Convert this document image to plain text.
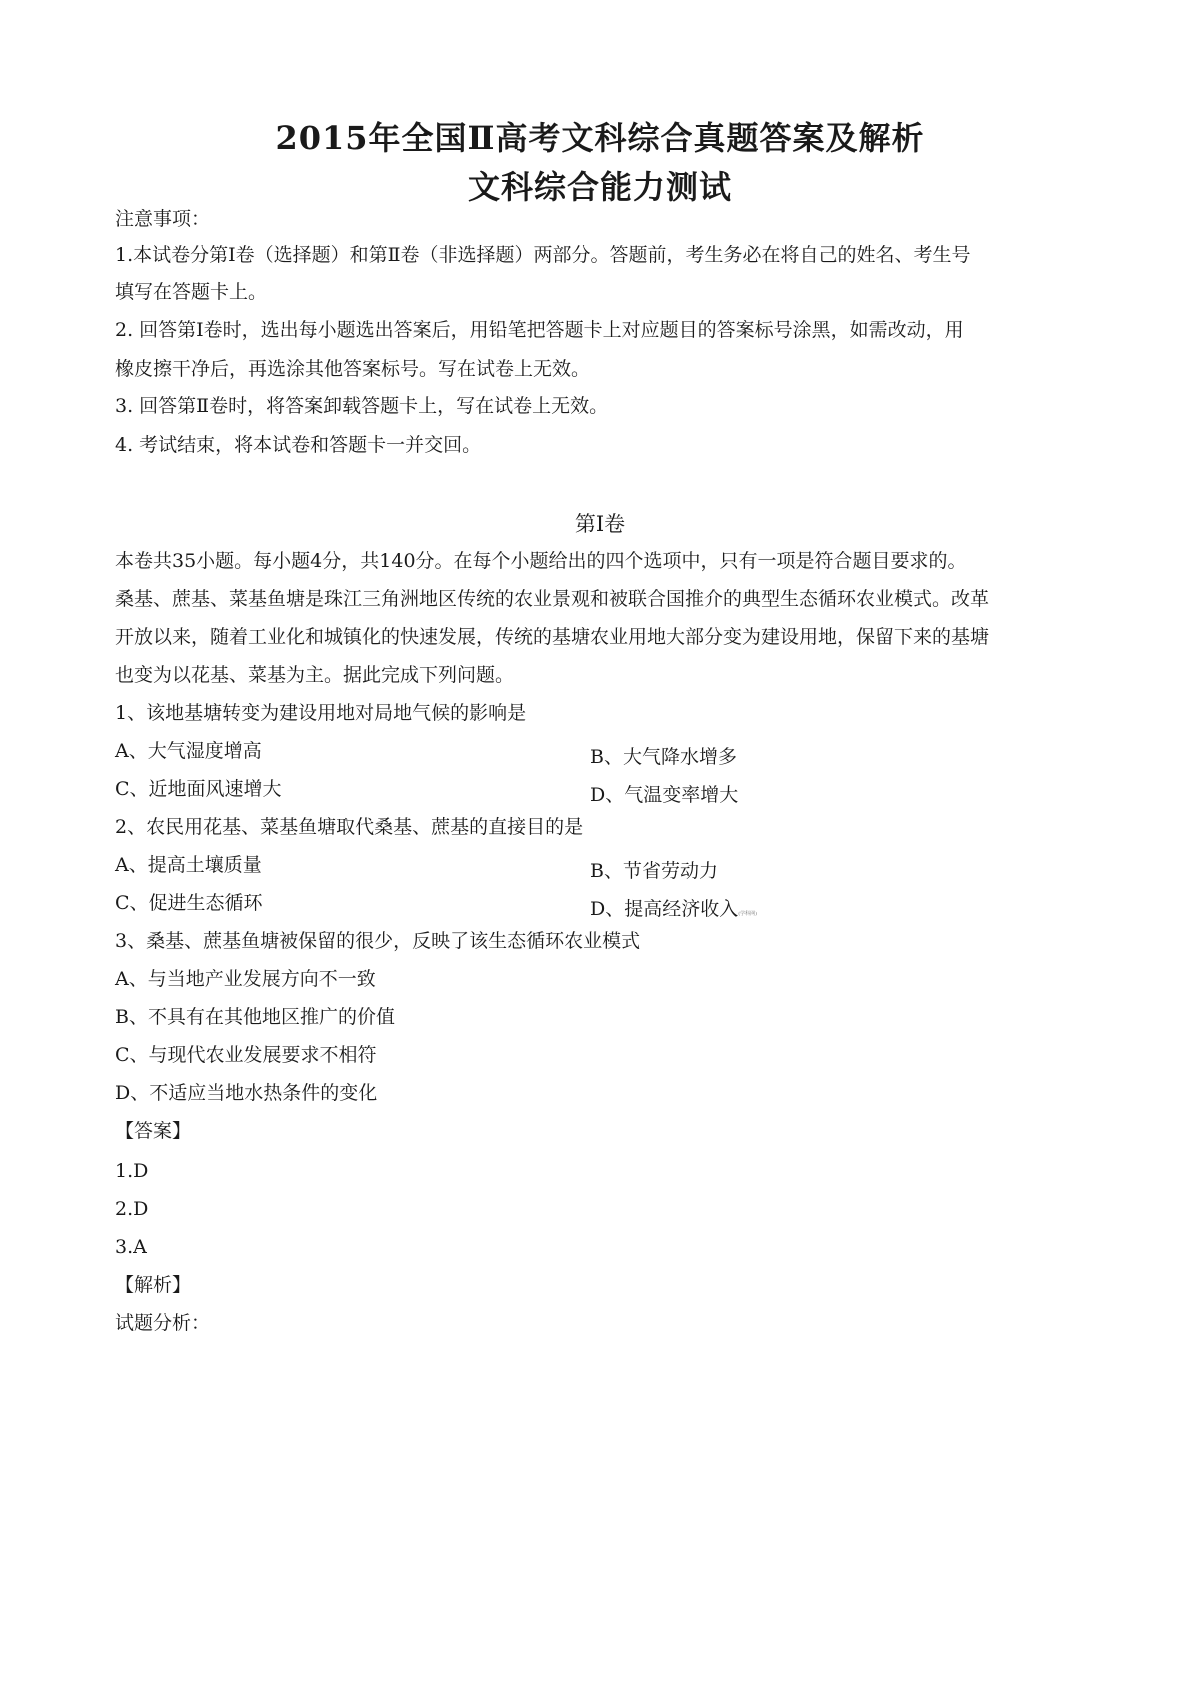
2015年全国Ⅱ高考文科综合真题答案及解析
文科综合能力测试
注意事项：
1.本试卷分第Ⅰ卷（选择题）和第Ⅱ卷（非选择题）两部分。答题前，考生务必在将自己的姓名、考生号
填写在答题卡上。
2. 回答第Ⅰ卷时，选出每小题选出答案后，用铅笔把答题卡上对应题目的答案标号涂黑，如需改动，用
橡皮擦干净后，再选涂其他答案标号。写在试卷上无效。
3. 回答第Ⅱ卷时，将答案卸载答题卡上，写在试卷上无效。
4. 考试结束，将本试卷和答题卡一并交回。
第Ⅰ卷
本卷共35小题。每小题4分，共140分。在每个小题给出的四个选项中，只有一项是符合题目要求的。
桑基、蔗基、菜基鱼塘是珠江三角洲地区传统的农业景观和被联合国推介的典型生态循环农业模式。改革
开放以来，随着工业化和城镇化的快速发展，传统的基塘农业用地大部分变为建设用地，保留下来的基塘
也变为以花基、菜基为主。据此完成下列问题。
1、该地基塘转变为建设用地对局地气候的影响是
A、大气湿度增高	B、大气降水增多
C、近地面风速增大	D、气温变率增大
2、农民用花基、菜基鱼塘取代桑基、蔗基的直接目的是
A、提高土壤质量	B、节省劳动力
C、促进生态循环	D、提高经济收入(学科网)
3、桑基、蔗基鱼塘被保留的很少，反映了该生态循环农业模式
A、与当地产业发展方向不一致
B、不具有在其他地区推广的价值
C、与现代农业发展要求不相符
D、不适应当地水热条件的变化
【答案】
1.D
2.D
3.A
【解析】
试题分析：
